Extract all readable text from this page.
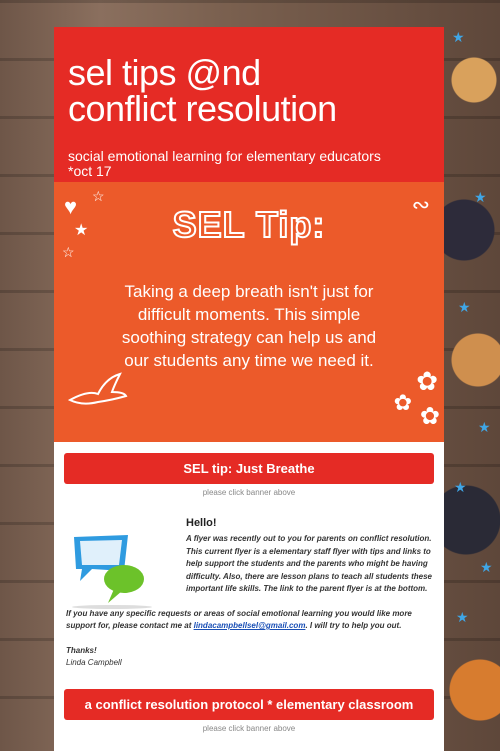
★
★
★
★
★
★
★
sel tips @nd
conflict resolution
social emotional learning for elementary educators
*oct 17
♥ ☆
★
☆
∾
SEL Tip:
Taking a deep breath isn't just for difficult moments. This simple soothing strategy can help us and our students any time we need it.
✿
✿
✿
SEL tip: Just Breathe
please click banner above
Hello!
A flyer was recently out to you for parents on conflict resolution. This current flyer is a elementary staff flyer with tips and links to help support the students and the parents who might be having difficulty. Also, there are lesson plans to teach all students these important life skills. The link to the parent flyer is at the bottom.
If you have any specific requests or areas of social emotional learning you would like more support for, please contact me at lindacampbellsel@gmail.com. I will try to help you out.
Thanks!
Linda Campbell
a conflict resolution protocol * elementary classroom
please click banner above
